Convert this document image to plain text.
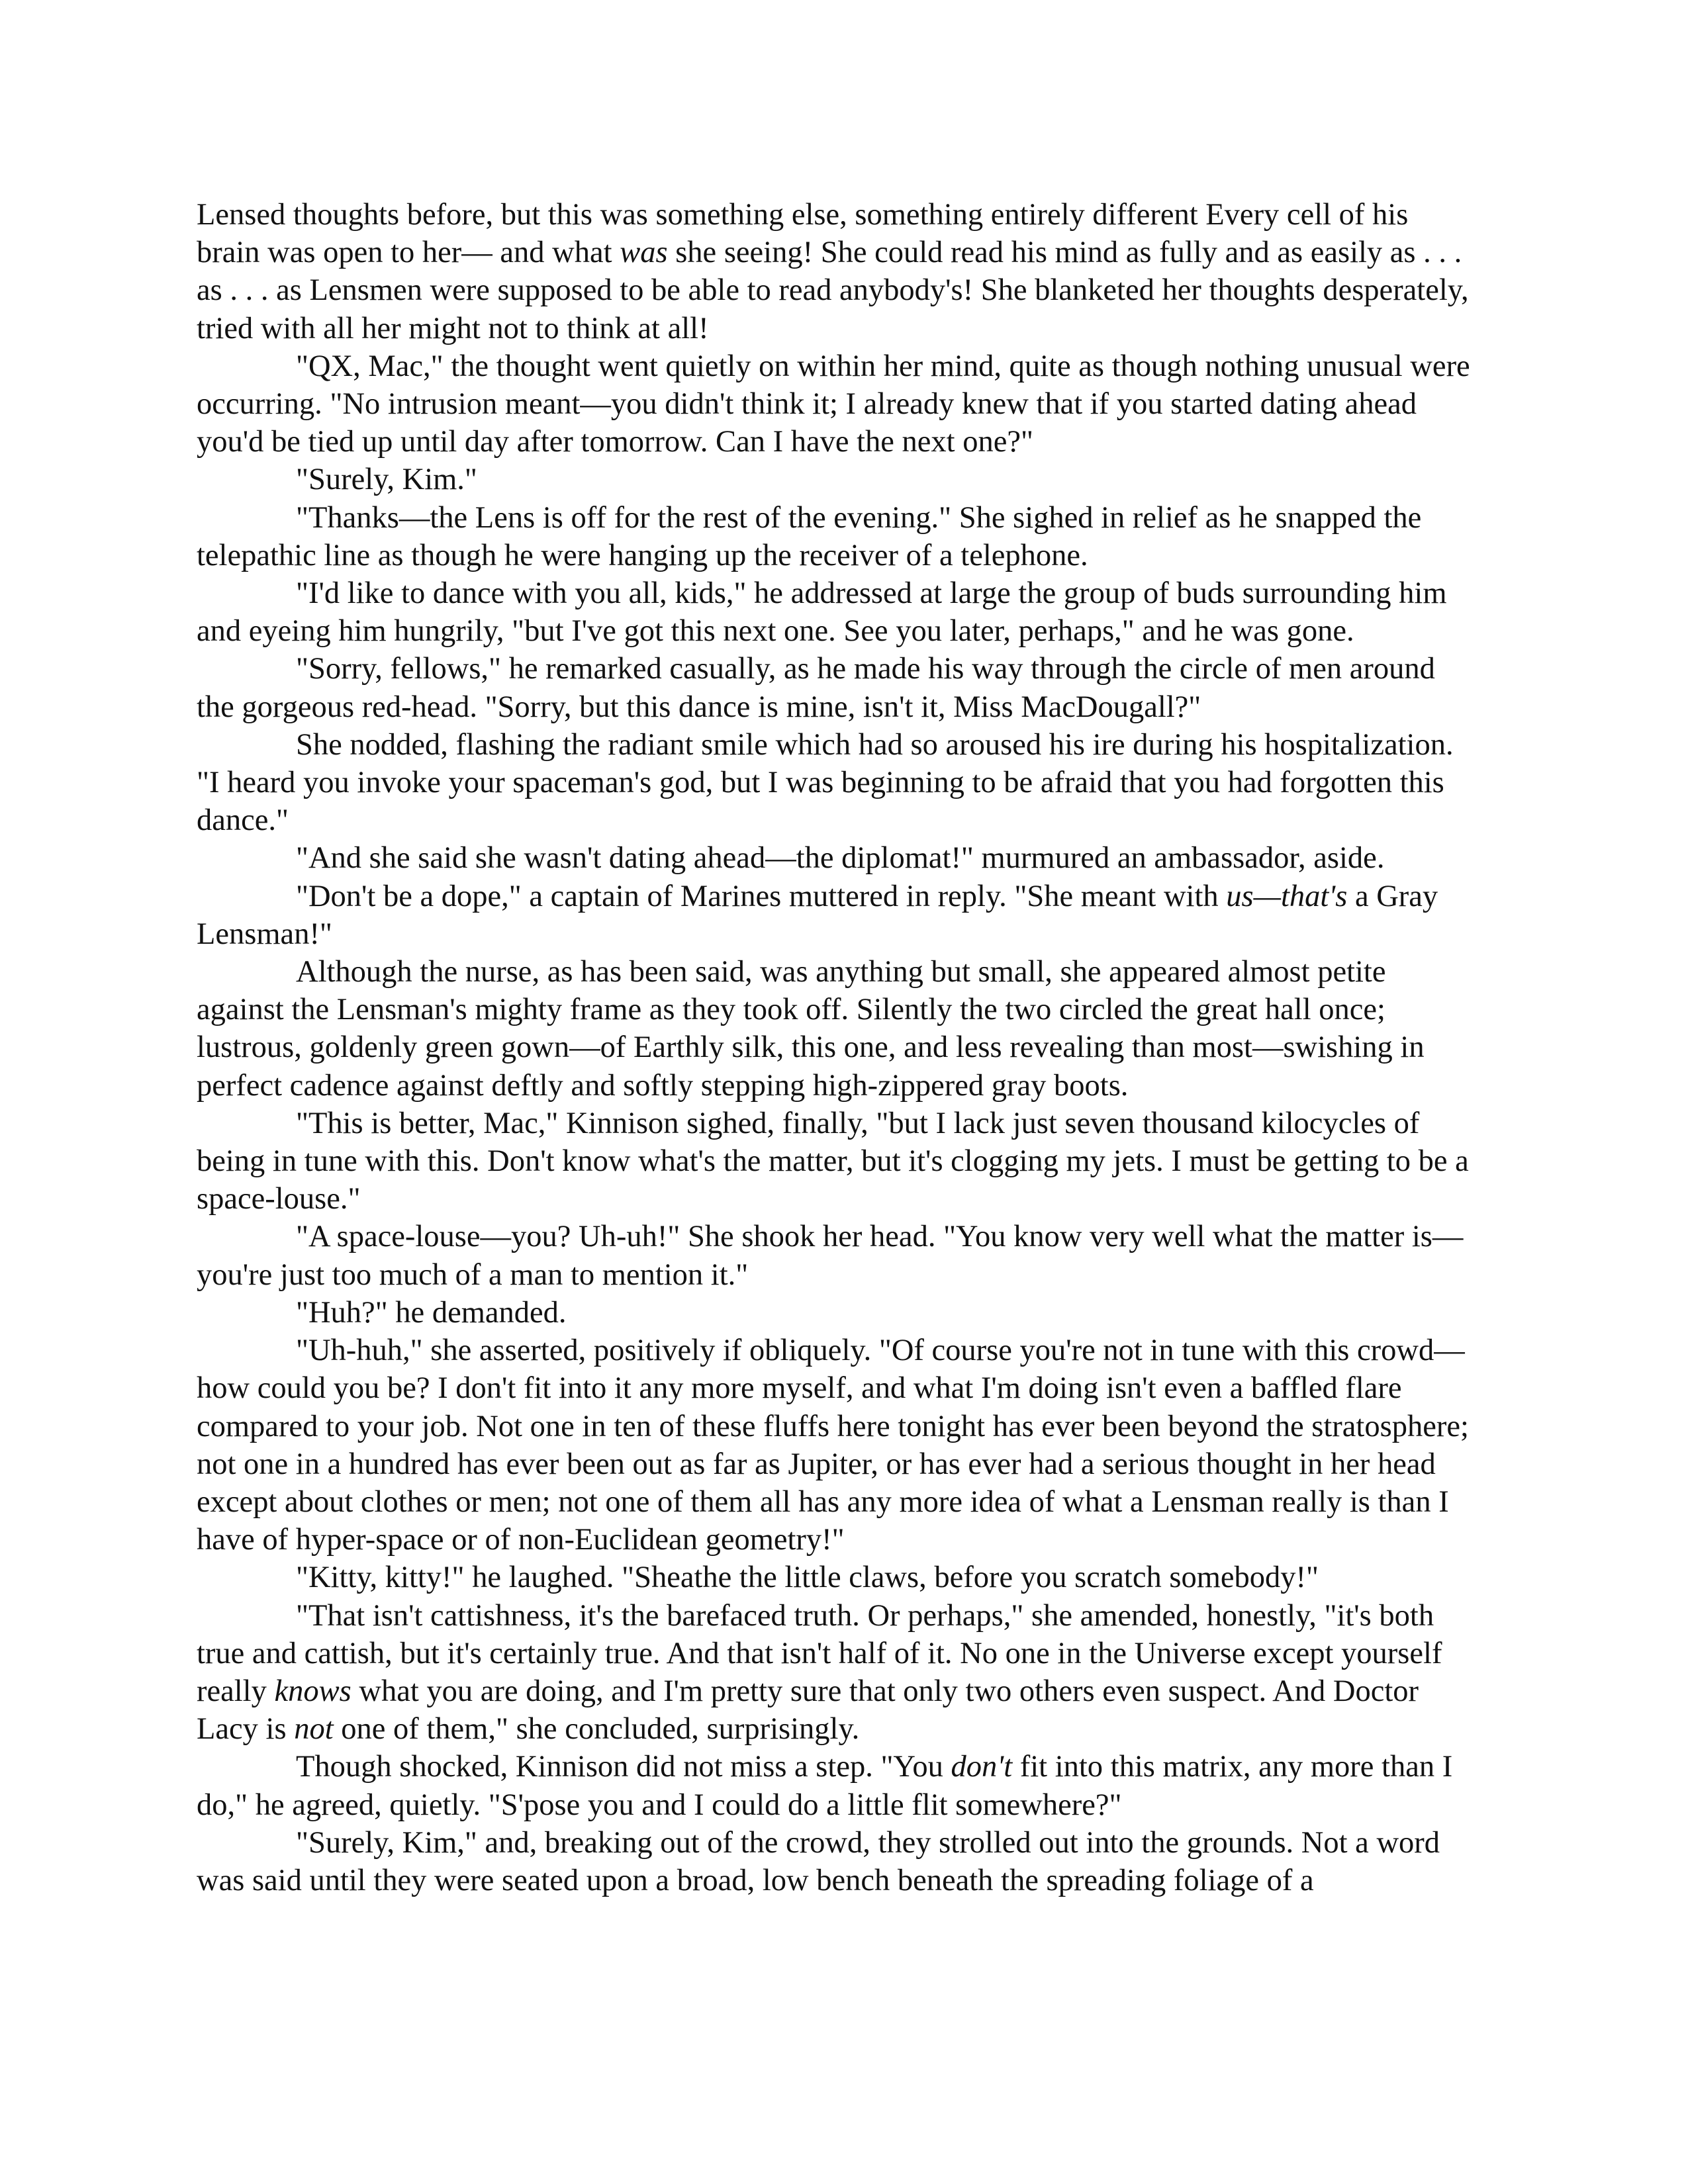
Lensed thoughts before, but this was something else, something entirely different Every cell of his brain was open to her— and what was she seeing! She could read his mind as fully and as easily as . . . as . . . as Lensmen were supposed to be able to read anybody's! She blanketed her thoughts desperately, tried with all her might not to think at all!

"QX, Mac," the thought went quietly on within her mind, quite as though nothing unusual were occurring. "No intrusion meant—you didn't think it; I already knew that if you started dating ahead you'd be tied up until day after tomorrow. Can I have the next one?"

"Surely, Kim."

"Thanks—the Lens is off for the rest of the evening." She sighed in relief as he snapped the telepathic line as though he were hanging up the receiver of a telephone.

"I'd like to dance with you all, kids," he addressed at large the group of buds surrounding him and eyeing him hungrily, "but I've got this next one. See you later, perhaps," and he was gone.

"Sorry, fellows," he remarked casually, as he made his way through the circle of men around the gorgeous red-head. "Sorry, but this dance is mine, isn't it, Miss MacDougall?"

She nodded, flashing the radiant smile which had so aroused his ire during his hospitalization. "I heard you invoke your spaceman's god, but I was beginning to be afraid that you had forgotten this dance."

"And she said she wasn't dating ahead—the diplomat!" murmured an ambassador, aside.

"Don't be a dope," a captain of Marines muttered in reply. "She meant with us—that's a Gray Lensman!"

Although the nurse, as has been said, was anything but small, she appeared almost petite against the Lensman's mighty frame as they took off. Silently the two circled the great hall once; lustrous, goldenly green gown—of Earthly silk, this one, and less revealing than most—swishing in perfect cadence against deftly and softly stepping high-zippered gray boots.

"This is better, Mac," Kinnison sighed, finally, "but I lack just seven thousand kilocycles of being in tune with this. Don't know what's the matter, but it's clogging my jets. I must be getting to be a space-louse."

"A space-louse—you? Uh-uh!" She shook her head. "You know very well what the matter is—you're just too much of a man to mention it."

"Huh?" he demanded.

"Uh-huh," she asserted, positively if obliquely. "Of course you're not in tune with this crowd—how could you be? I don't fit into it any more myself, and what I'm doing isn't even a baffled flare compared to your job. Not one in ten of these fluffs here tonight has ever been beyond the stratosphere; not one in a hundred has ever been out as far as Jupiter, or has ever had a serious thought in her head except about clothes or men; not one of them all has any more idea of what a Lensman really is than I have of hyper-space or of non-Euclidean geometry!"

"Kitty, kitty!" he laughed. "Sheathe the little claws, before you scratch somebody!"

"That isn't cattishness, it's the barefaced truth. Or perhaps," she amended, honestly, "it's both true and cattish, but it's certainly true. And that isn't half of it. No one in the Universe except yourself really knows what you are doing, and I'm pretty sure that only two others even suspect. And Doctor Lacy is not one of them," she concluded, surprisingly.

Though shocked, Kinnison did not miss a step. "You don't fit into this matrix, any more than I do," he agreed, quietly. "S'pose you and I could do a little flit somewhere?"

"Surely, Kim," and, breaking out of the crowd, they strolled out into the grounds. Not a word was said until they were seated upon a broad, low bench beneath the spreading foliage of a
